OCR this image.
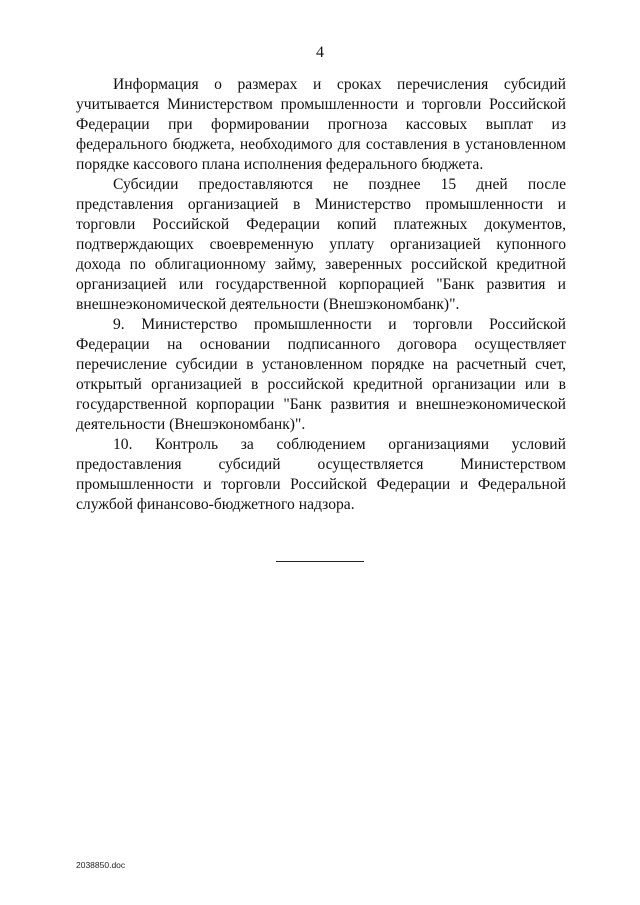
4

Информация о размерах и сроках перечисления субсидий учитывается Министерством промышленности и торговли Российской Федерации при формировании прогноза кассовых выплат из федерального бюджета, необходимого для составления в установленном порядке кассового плана исполнения федерального бюджета.

Субсидии предоставляются не позднее 15 дней после представления организацией в Министерство промышленности и торговли Российской Федерации копий платежных документов, подтверждающих своевременную уплату организацией купонного дохода по облигационному займу, заверенных российской кредитной организацией или государственной корпорацией "Банк развития и внешнеэкономической деятельности (Внешэкономбанк)".

9. Министерство промышленности и торговли Российской Федерации на основании подписанного договора осуществляет перечисление субсидии в установленном порядке на расчетный счет, открытый организацией в российской кредитной организации или в государственной корпорации "Банк развития и внешнеэкономической деятельности (Внешэкономбанк)".

10. Контроль за соблюдением организациями условий предоставления субсидий осуществляется Министерством промышленности и торговли Российской Федерации и Федеральной службой финансово-бюджетного надзора.

2038850.doc
